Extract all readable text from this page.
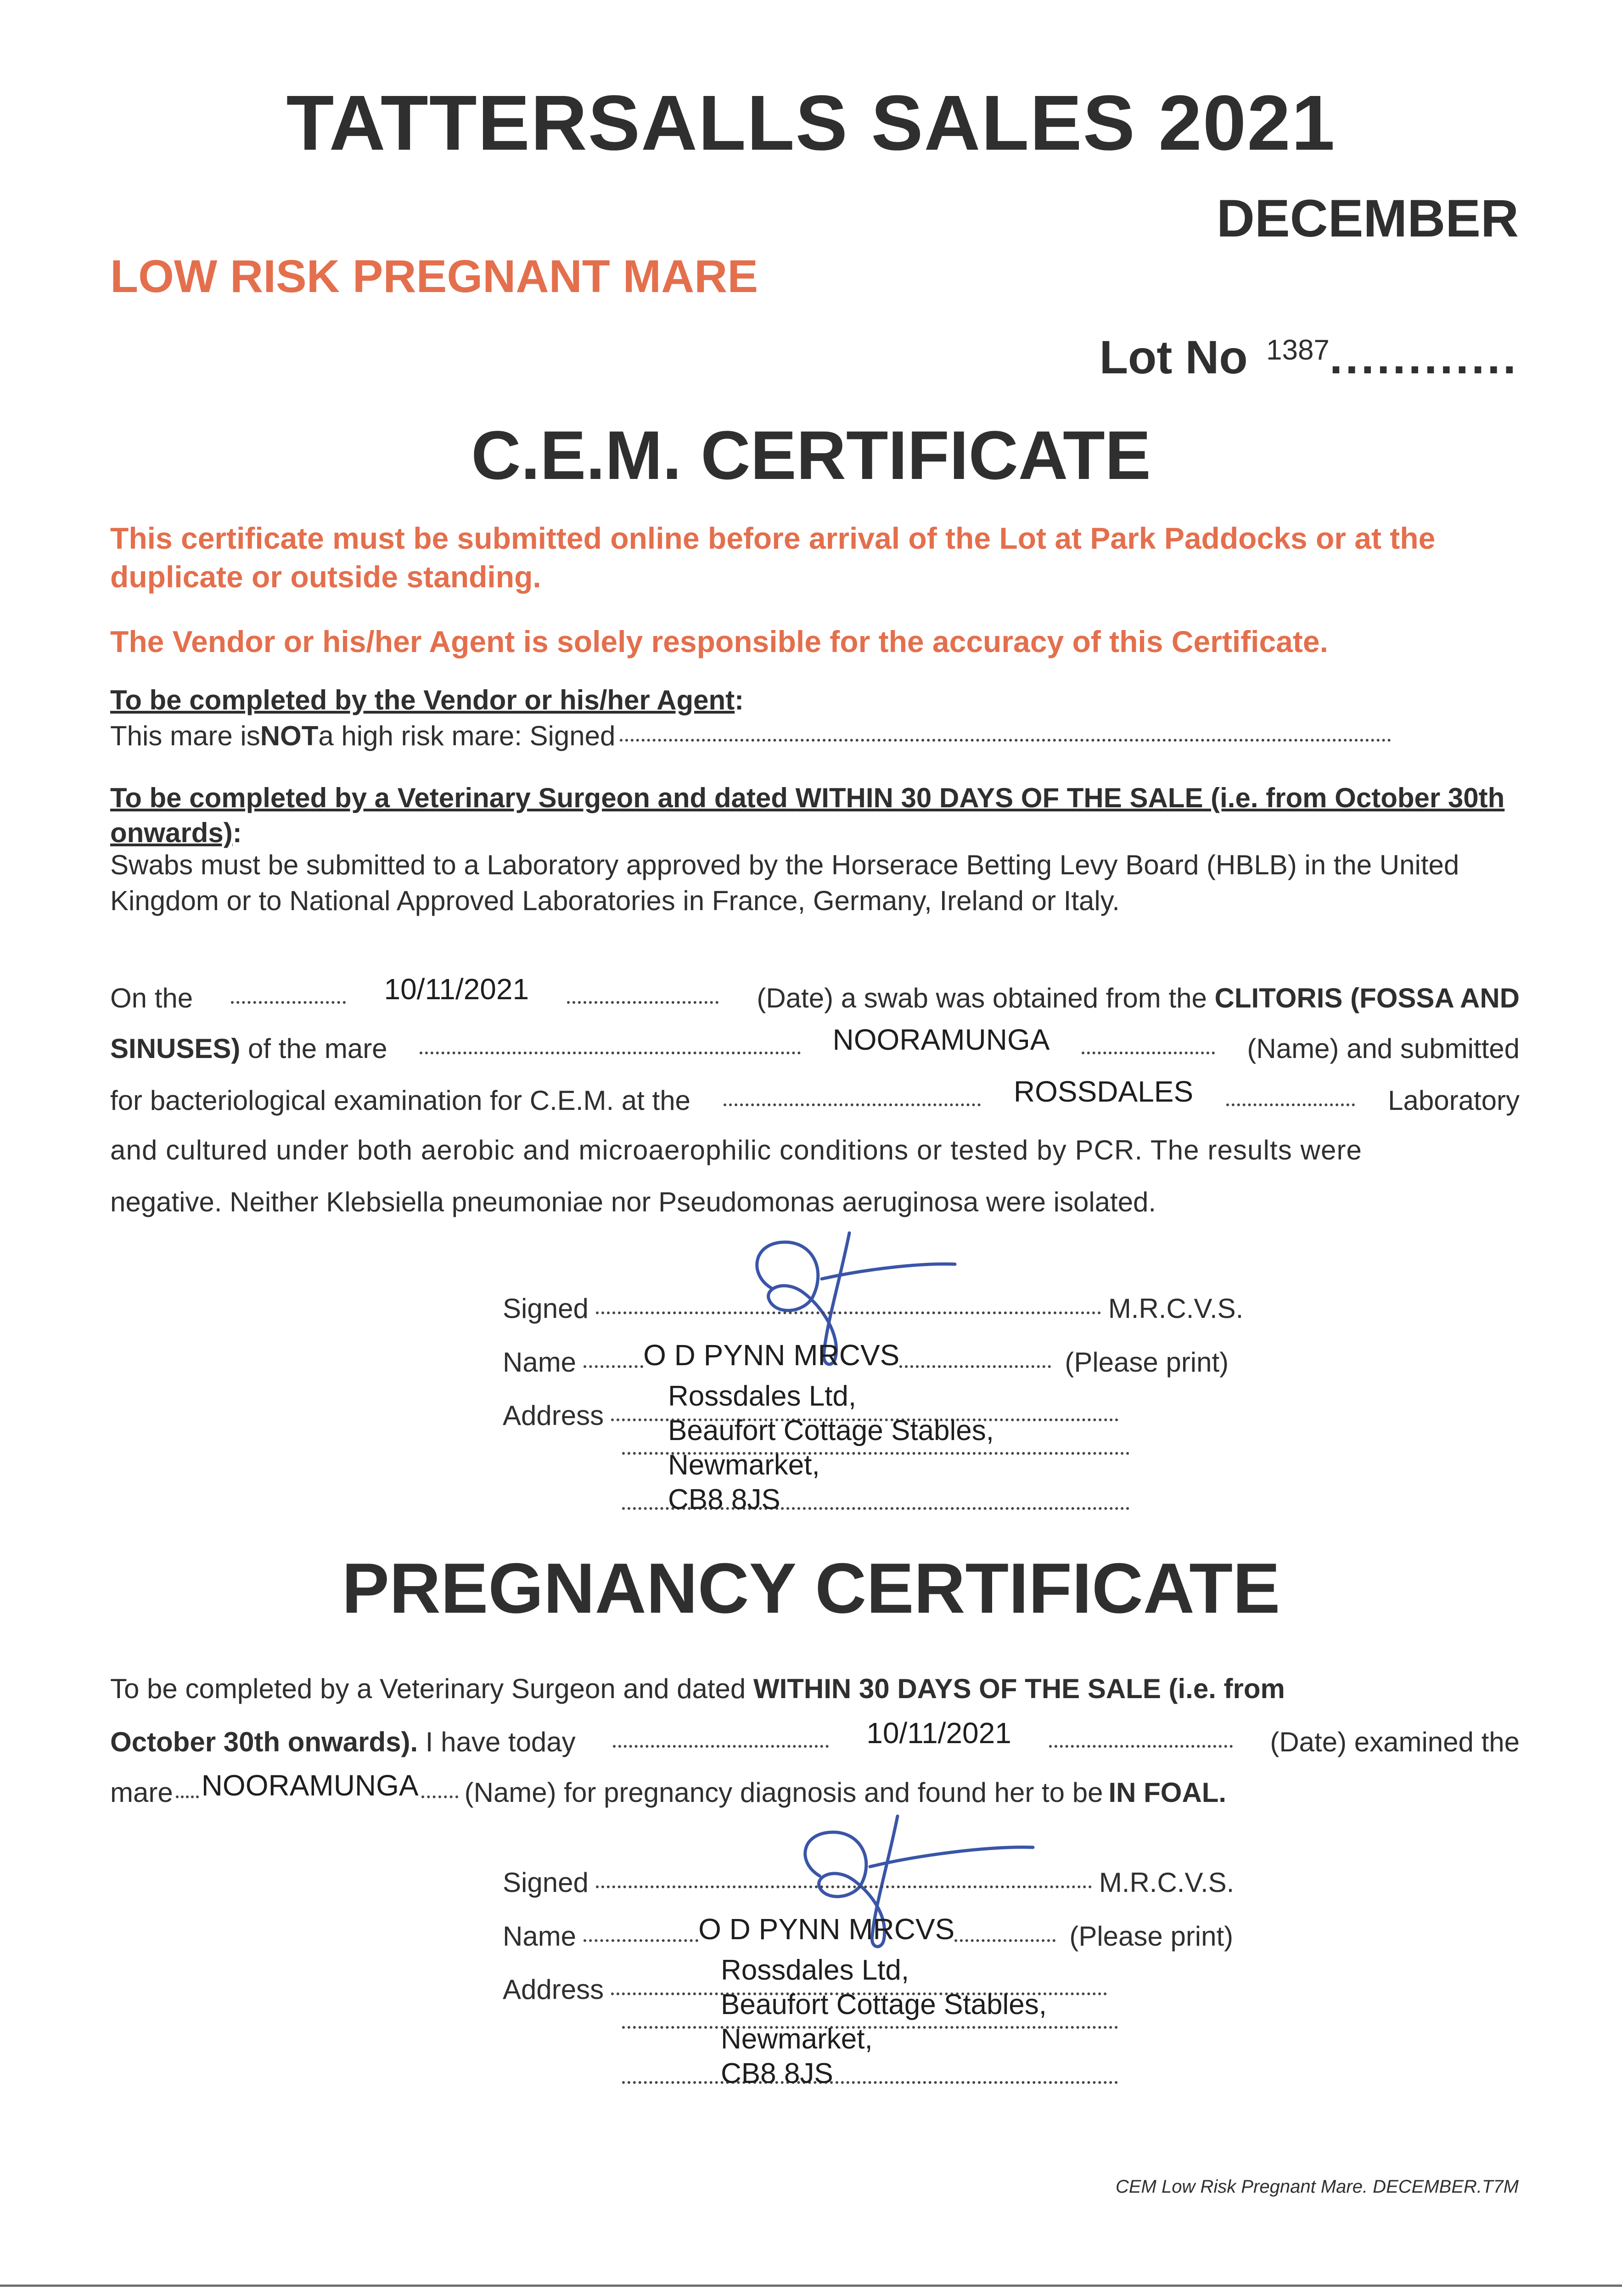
TATTERSALLS SALES 2021
DECEMBER
LOW RISK PREGNANT MARE
Lot No $^{1387}$............
C.E.M. CERTIFICATE
This certificate must be submitted online before arrival of the Lot at Park Paddocks or at the duplicate or outside standing.
The Vendor or his/her Agent is solely responsible for the accuracy of this Certificate.
To be completed by the Vendor or his/her Agent:
This mare is NOT a high risk mare: Signed
To be completed by a Veterinary Surgeon and dated WITHIN 30 DAYS OF THE SALE (i.e. from October 30th onwards):
Swabs must be submitted to a Laboratory approved by the Horserace Betting Levy Board (HBLB) in the United Kingdom or to National Approved Laboratories in France, Germany, Ireland or Italy.
On the	10/11/2021	(Date) a swab was obtained from the CLITORIS (FOSSA AND
SINUSES) of the mare	NOORAMUNGA	(Name) and submitted
for bacteriological examination for C.E.M. at the	ROSSDALES	Laboratory
and cultured under both aerobic and microaerophilic conditions or tested by PCR. The results were
negative. Neither Klebsiella pneumoniae nor Pseudomonas aeruginosa were isolated.
Signed	M.R.C.V.S.
Name O D PYNN MRCVS	(Please print)
Address
Rossdales Ltd,
Beaufort Cottage Stables,
Newmarket,
CB8 8JS
PREGNANCY CERTIFICATE
To be completed by a Veterinary Surgeon and dated WITHIN 30 DAYS OF THE SALE (i.e. from
October 30th onwards). I have today	10/11/2021	(Date) examined the
mare NOORAMUNGA (Name) for pregnancy diagnosis and found her to be IN FOAL.
Signed	M.R.C.V.S.
Name	O D PYNN MRCVS	(Please print)
Address
Rossdales Ltd,
Beaufort Cottage Stables,
Newmarket,
CB8 8JS
CEM Low Risk Pregnant Mare. DECEMBER.T7M
